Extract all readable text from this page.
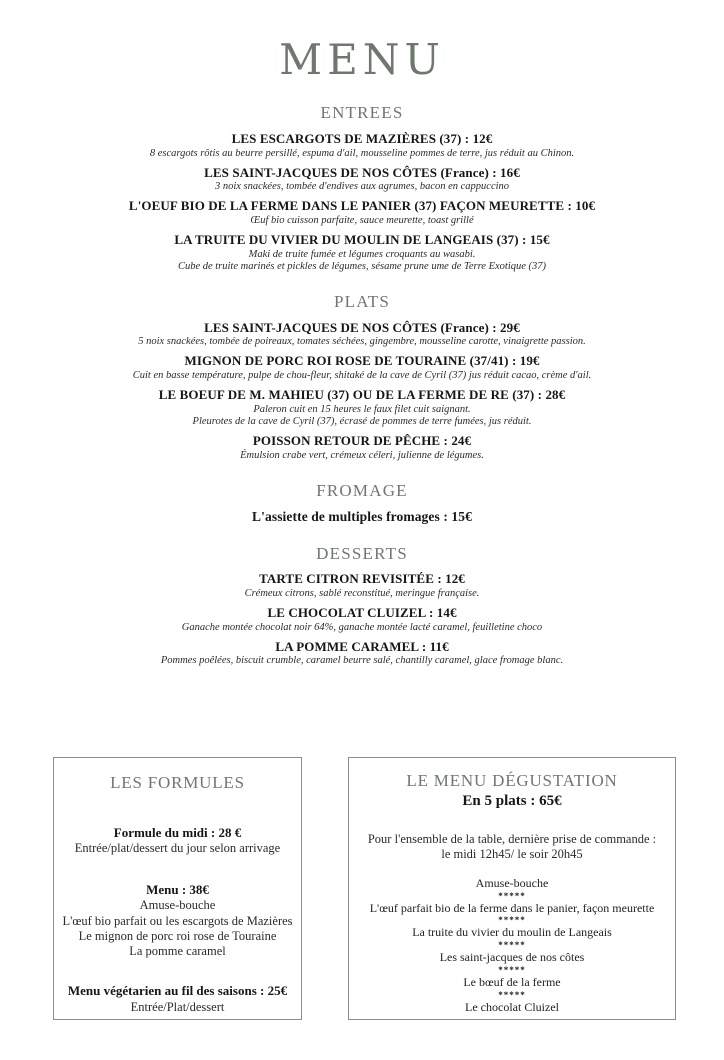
MENU
ENTREES
LES ESCARGOTS DE MAZIÈRES (37) : 12€
8 escargots rôtis au beurre persillé, espuma d'ail, mousseline pommes de terre, jus réduit au Chinon.
LES SAINT-JACQUES DE NOS CÔTES (France) : 16€
3 noix snackées, tombée d'endives aux agrumes, bacon en cappuccino
L'OEUF BIO DE LA FERME DANS LE PANIER (37) FAÇON MEURETTE : 10€
Œuf bio cuisson parfaite, sauce meurette, toast grillé
LA TRUITE DU VIVIER DU MOULIN DE LANGEAIS (37) : 15€
Maki de truite fumée et légumes croquants au wasabi.
Cube de truite marinés et pickles de légumes, sésame prune ume de Terre Exotique (37)
PLATS
LES SAINT-JACQUES DE NOS CÔTES (France) : 29€
5 noix snackées, tombée de poireaux, tomates séchées, gingembre, mousseline carotte, vinaigrette passion.
MIGNON DE PORC ROI ROSE DE TOURAINE (37/41) : 19€
Cuit en basse température, pulpe de chou-fleur, shitaké de la cave de Cyril (37) jus réduit cacao, crème d'ail.
LE BOEUF DE M. MAHIEU (37) OU DE LA FERME DE RE (37) : 28€
Paleron cuit en 15 heures le faux filet cuit saignant.
Pleurotes de la cave de Cyril (37), écrasé de pommes de terre fumées, jus réduit.
POISSON RETOUR DE PÊCHE : 24€
Émulsion crabe vert, crémeux céleri, julienne de légumes.
FROMAGE
L'assiette de multiples fromages : 15€
DESSERTS
TARTE CITRON REVISITÉE : 12€
Crémeux citrons, sablé reconstitué, meringue française.
LE CHOCOLAT CLUIZEL : 14€
Ganache montée chocolat noir 64%, ganache montée lacté caramel, feuilletine choco
LA POMME CARAMEL : 11€
Pommes poêlées, biscuit crumble, caramel beurre salé, chantilly caramel, glace fromage blanc.
LES FORMULES
Formule du midi : 28 €
Entrée/plat/dessert du jour selon arrivage
Menu : 38€
Amuse-bouche
L'œuf bio parfait ou les escargots de Mazières
Le mignon de porc roi rose de Touraine
La pomme caramel
Menu végétarien au fil des saisons : 25€
Entrée/Plat/dessert
LE MENU DÉGUSTATION
En 5 plats : 65€

Pour l'ensemble de la table, dernière prise de commande :
le midi 12h45/ le soir 20h45

Amuse-bouche
*****
L'œuf parfait bio de la ferme dans le panier, façon meurette
*****
La truite du vivier du moulin de Langeais
*****
Les saint-jacques de nos côtes
*****
Le bœuf de la ferme
*****
Le chocolat Cluizel
